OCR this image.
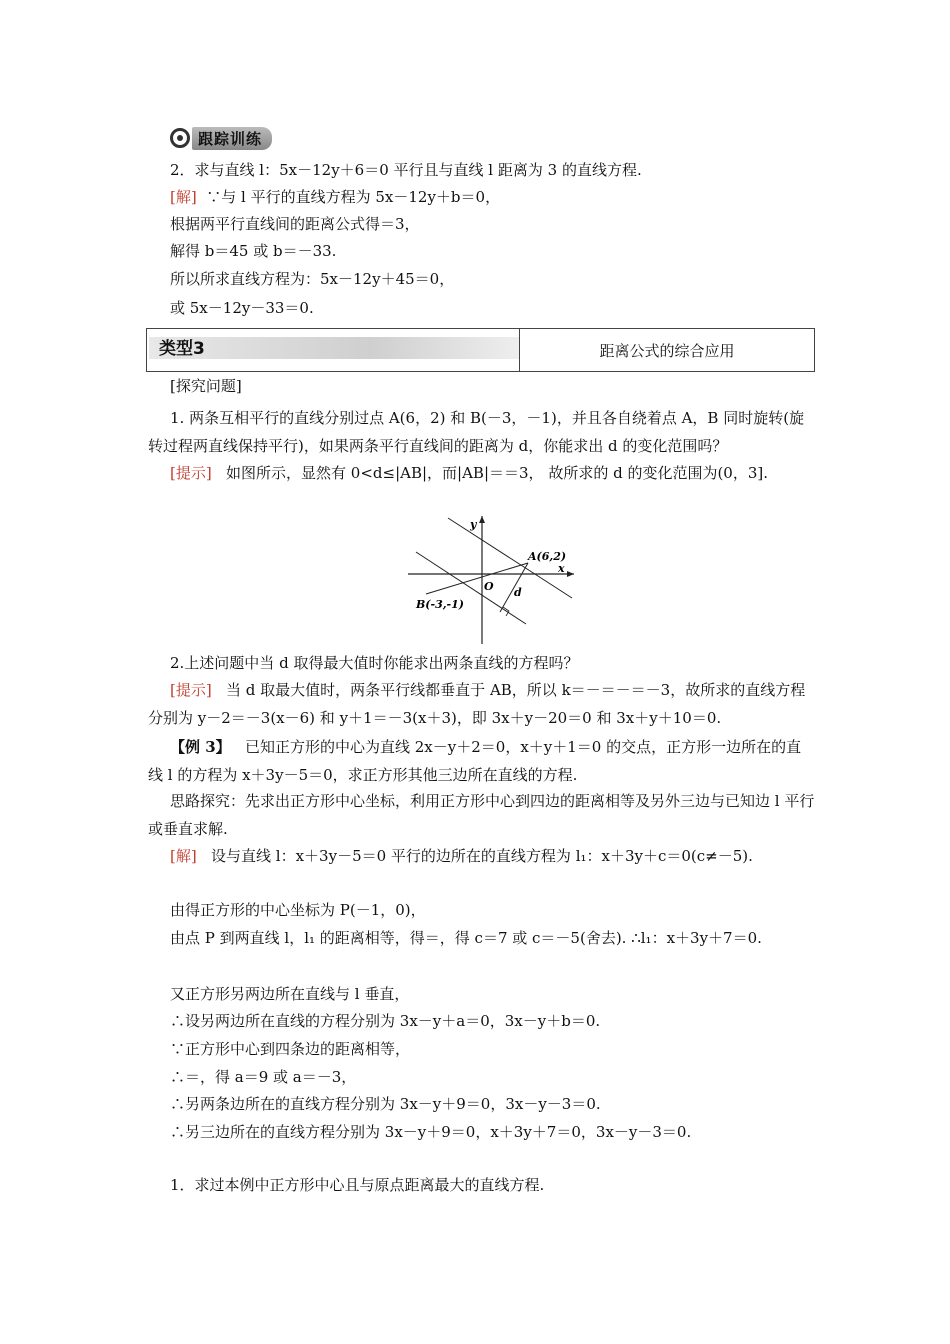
跟踪训练
2．求与直线 l：5x－12y＋6＝0 平行且与直线 l 距离为 3 的直线方程.
[解] ∵与 l 平行的直线方程为 5x－12y＋b＝0，
根据两平行直线间的距离公式得＝3，
解得 b＝45 或 b＝－33.
所以所求直线方程为：5x－12y＋45＝0，
或 5x－12y－33＝0.
类型3	距离公式的综合应用
[探究问题]
1. 两条互相平行的直线分别过点 A(6，2) 和 B(－3，－1)，并且各自绕着点 A，B 同时旋转(旋转过程两直线保持平行)，如果两条平行直线间的距离为 d，你能求出 d 的变化范围吗？
[提示] 如图所示，显然有 0<d≤|AB|，而|AB|＝＝3， 故所求的 d 的变化范围为(0，3].
y
x
O
A(6,2)
B(-3,-1)
d
2.上述问题中当 d 取得最大值时你能求出两条直线的方程吗？
[提示] 当 d 取最大值时，两条平行线都垂直于 AB，所以 k＝－＝－＝－3，故所求的直线方程分别为 y－2＝－3(x－6) 和 y＋1＝－3(x＋3)，即 3x＋y－20＝0 和 3x＋y＋10＝0.
【例 3】 已知正方形的中心为直线 2x－y＋2＝0，x＋y＋1＝0 的交点，正方形一边所在的直线 l 的方程为 x＋3y－5＝0，求正方形其他三边所在直线的方程.
思路探究：先求出正方形中心坐标，利用正方形中心到四边的距离相等及另外三边与已知边 l 平行或垂直求解.
[解] 设与直线 l：x＋3y－5＝0 平行的边所在的直线方程为 l₁：x＋3y＋c＝0(c≠－5).
由得正方形的中心坐标为 P(－1，0)，
由点 P 到两直线 l，l₁ 的距离相等，得＝，得 c＝7 或 c＝－5(舍去). ∴l₁：x＋3y＋7＝0.
又正方形另两边所在直线与 l 垂直，
∴设另两边所在直线的方程分别为 3x－y＋a＝0，3x－y＋b＝0.
∵正方形中心到四条边的距离相等，
∴＝，得 a＝9 或 a＝－3，
∴另两条边所在的直线方程分别为 3x－y＋9＝0，3x－y－3＝0.
∴另三边所在的直线方程分别为 3x－y＋9＝0，x＋3y＋7＝0，3x－y－3＝0.
1．求过本例中正方形中心且与原点距离最大的直线方程.
